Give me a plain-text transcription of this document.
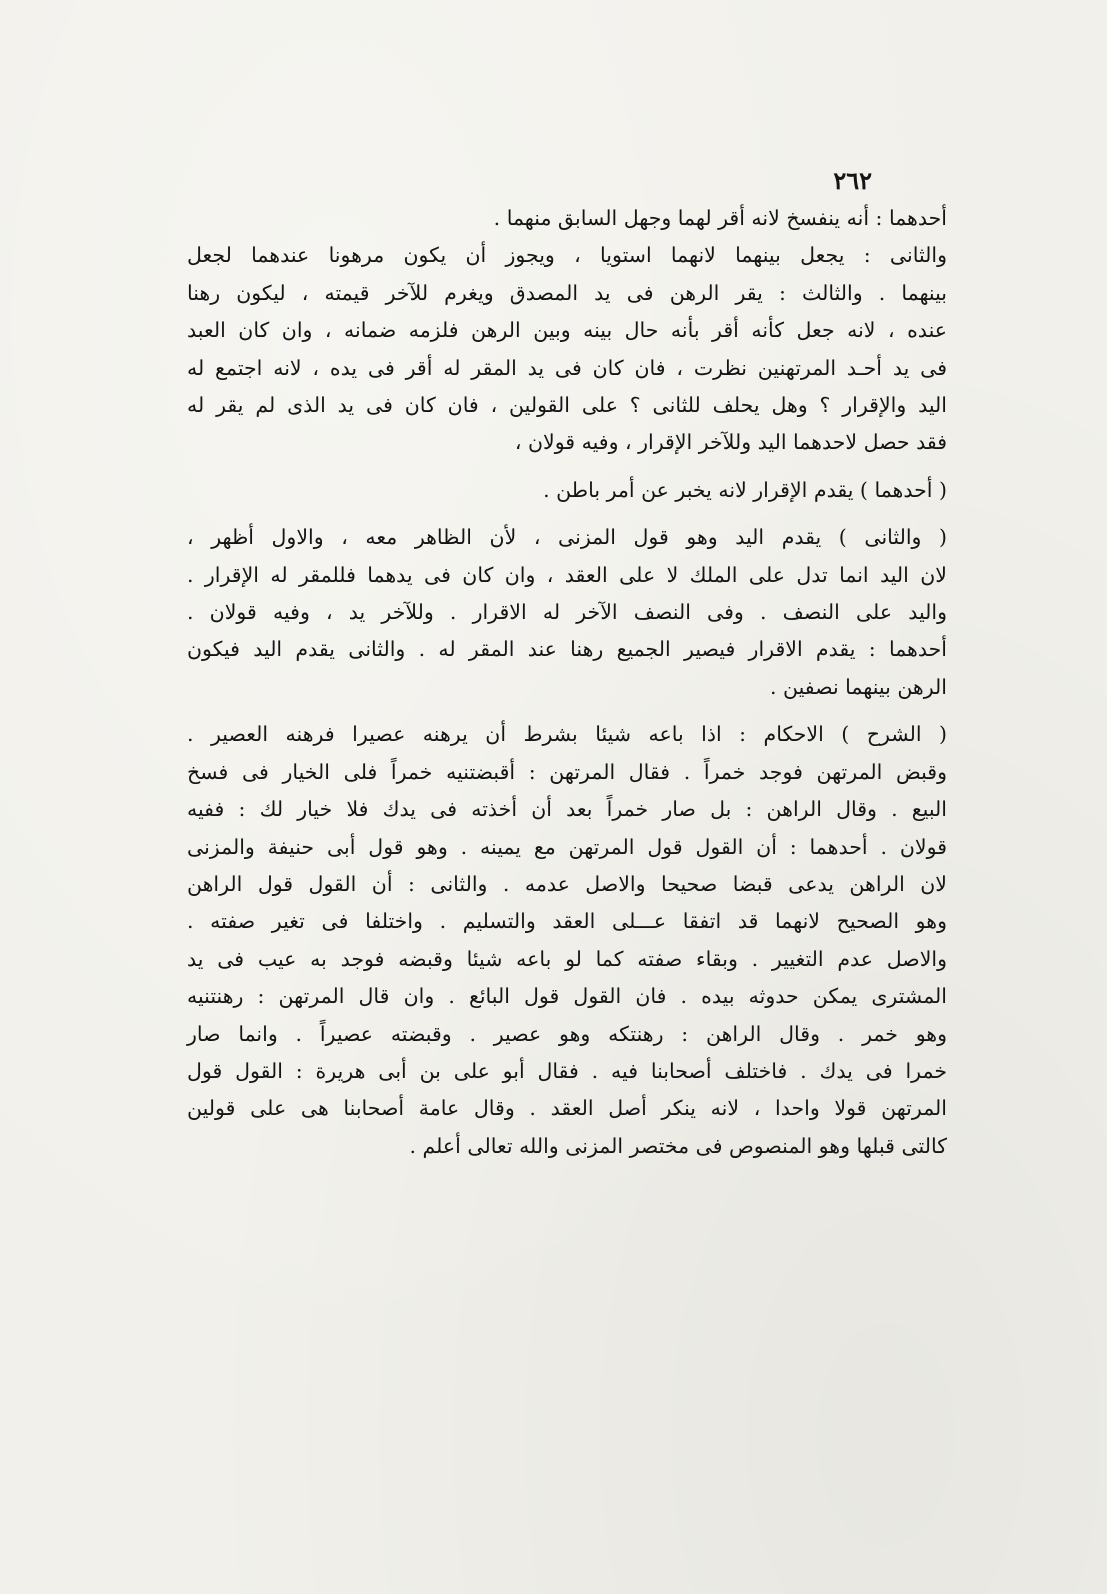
٢٦٢
أحدهما : أنه ينفسخ لانه أقر لهما وجهل السابق منهما .
والثانى : يجعل بينهما لانهما استويا ، ويجوز أن يكون مرهونا عندهما لجعل
بينهما . والثالث : يقر الرهن فى يد المصدق ويغرم للآخر قيمته ، ليكون رهنا
عنده ، لانه جعل كأنه أقر بأنه حال بينه وبين الرهن فلزمه ضمانه ، وان كان العبد
فى يد أحـد المرتهنين نظرت ، فان كان فى يد المقر له أقر فى يده ، لانه اجتمع له
اليد والإقرار ؟ وهل يحلف للثانى ؟ على القولين ، فان كان فى يد الذى لم يقر له
فقد حصل لاحدهما اليد وللآخر الإقرار ، وفيه قولان ،
( أحدهما ) يقدم الإقرار لانه يخبر عن أمر باطن .
( والثانى ) يقدم اليد وهو قول المزنى ، لأن الظاهر معه ، والاول أظهر ،
لان اليد انما تدل على الملك لا على العقد ، وان كان فى يدهما فللمقر له الإقرار .
واليد على النصف . وفى النصف الآخر له الاقرار . وللآخر يد ، وفيه قولان .
أحدهما : يقدم الاقرار فيصير الجميع رهنا عند المقر له . والثانى يقدم اليد فيكون
الرهن بينهما نصفين .
( الشرح ) الاحكام : اذا باعه شيئا بشرط أن يرهنه عصيرا فرهنه العصير .
وقبض المرتهن فوجد خمراً . فقال المرتهن : أقبضتنيه خمراً فلى الخيار فى فسخ
البيع . وقال الراهن : بل صار خمراً بعد أن أخذته فى يدك فلا خيار لك : ففيه
قولان . أحدهما : أن القول قول المرتهن مع يمينه . وهو قول أبى حنيفة والمزنى
لان الراهن يدعى قبضا صحيحا والاصل عدمه . والثانى : أن القول قول الراهن
وهو الصحيح لانهما قد اتفقا عـــلى العقد والتسليم . واختلفا فى تغير صفته .
والاصل عدم التغيير . وبقاء صفته كما لو باعه شيئا وقبضه فوجد به عيب فى يد
المشترى يمكن حدوثه بيده . فان القول قول البائع . وان قال المرتهن : رهنتنيه
وهو خمر . وقال الراهن : رهنتكه وهو عصير . وقبضته عصيراً . وانما صار
خمرا فى يدك . فاختلف أصحابنا فيه . فقال أبو على بن أبى هريرة : القول قول
المرتهن قولا واحدا ، لانه ينكر أصل العقد . وقال عامة أصحابنا هى على قولين
كالتى قبلها وهو المنصوص فى مختصر المزنى والله تعالى أعلم .
